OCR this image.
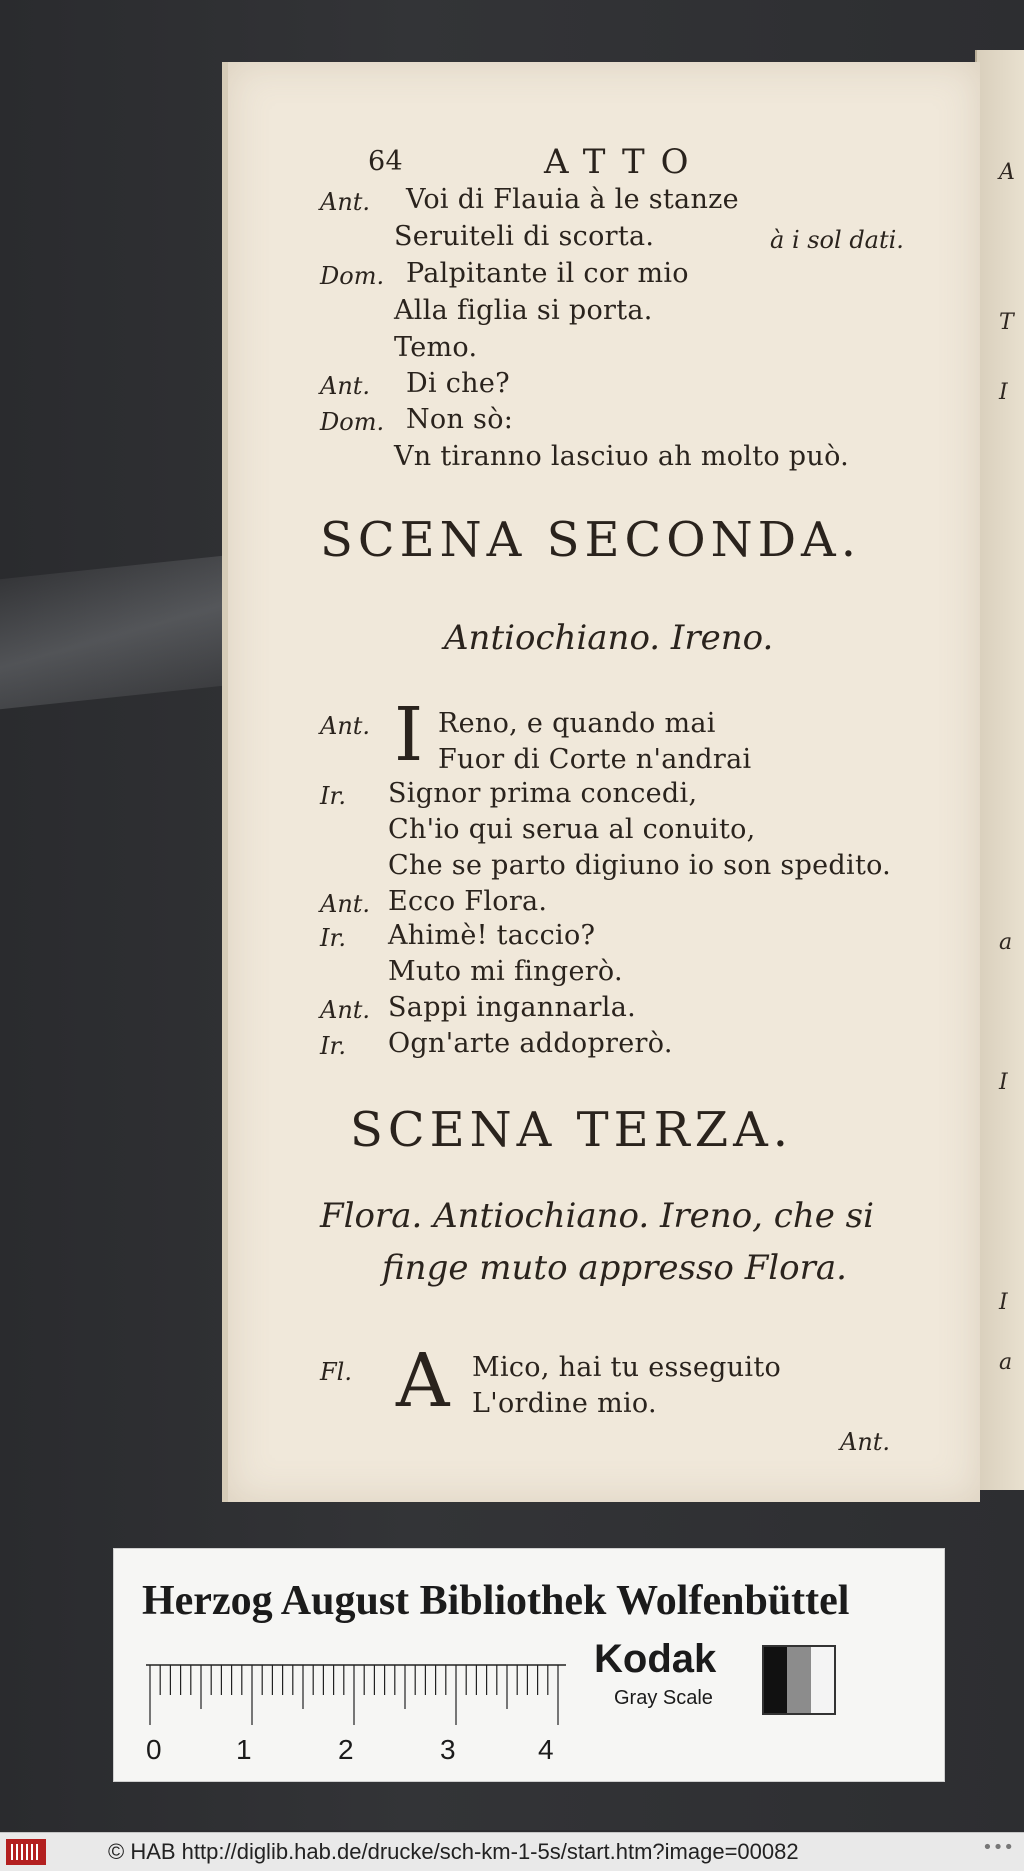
A
T
I
a
I
I
a
64	ATTO
Ant. Voi di Flauia à le stanze
Seruiteli di scorta.	à i sol dati.
Dom. Palpitante il cor mio
Alla figlia si porta.
Temo.
Ant. Di che?
Dom. Non sò:
Vn tiranno lasciuo ah molto può.
SCENA SECONDA.
Antiochiano. Ireno.
Ant. I Reno, e quando mai
Fuor di Corte n'andrai
Ir. Signor prima concedi,
Ch'io qui serua al conuito,
Che se parto digiuno io son spedito.
Ant. Ecco Flora.
Ir. Ahimè! taccio?
Muto mi fingerò.
Ant. Sappi ingannarla.
Ir. Ogn'arte addoprerò.
SCENA TERZA.
Flora. Antiochiano. Ireno, che si
finge muto appresso Flora.
Fl. A Mico, hai tu esseguito
L'ordine mio.
Ant.
Herzog August Bibliothek Wolfenbüttel
0	1	2	3	4
Kodak
Gray Scale
© HAB http://diglib.hab.de/drucke/sch-km-1-5s/start.htm?image=00082	•••
